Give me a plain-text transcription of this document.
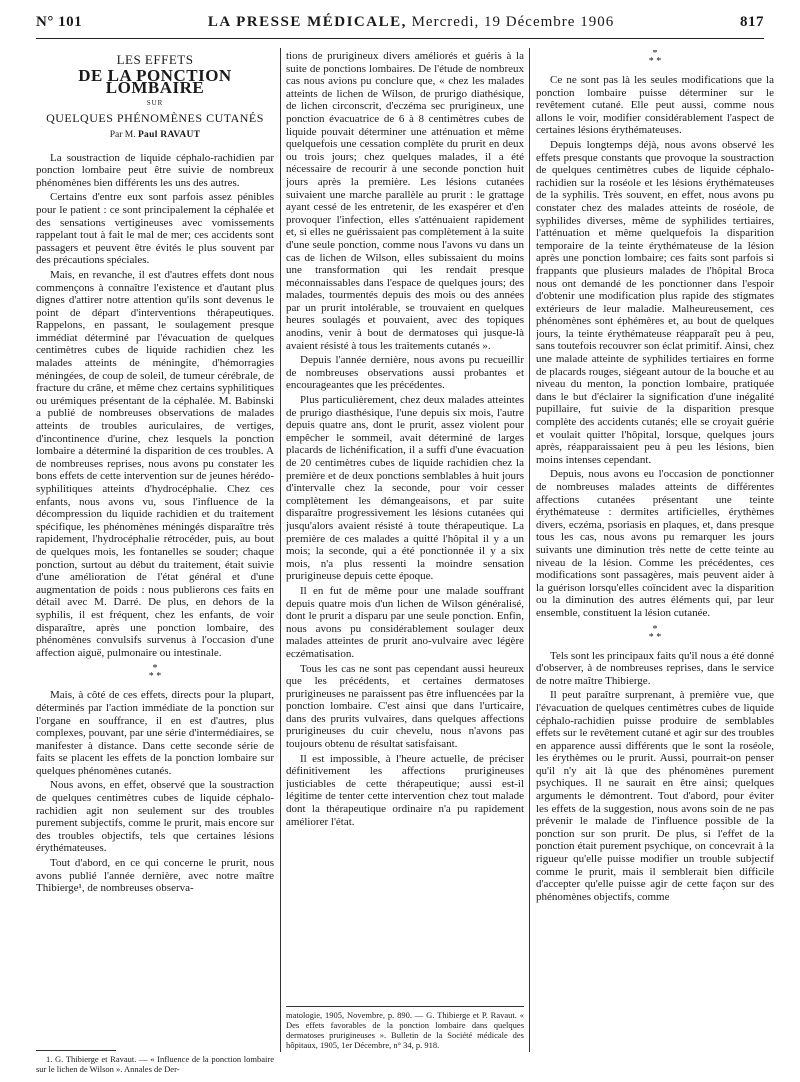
N° 101	LA PRESSE MÉDICALE, Mercredi, 19 Décembre 1906	817
LES EFFETS
DE LA PONCTION LOMBAIRE
SUR
QUELQUES PHÉNOMÈNES CUTANÉS
Par M. Paul RAVAUT

La soustraction de liquide céphalo-rachidien par ponction lombaire peut être suivie de nombreux phénomènes bien différents les uns des autres.

Certains d'entre eux sont parfois assez pénibles pour le patient : ce sont principalement la céphalée et des sensations vertigineuses avec vomissements rappelant tout à fait le mal de mer; ces accidents sont passagers et peuvent être évités le plus souvent par des précautions spéciales.

Mais, en revanche, il est d'autres effets dont nous commençons à connaître l'existence et d'autant plus dignes d'attirer notre attention qu'ils sont devenus le point de départ d'interventions thérapeutiques. Rappelons, en passant, le soulagement presque immédiat déterminé par l'évacuation de quelques centimètres cubes de liquide rachidien chez les malades atteints de méningite, d'hémorragies méningées, de coup de soleil, de tumeur cérébrale, de fracture du crâne, et même chez certains syphilitiques ou urémiques présentant de la céphalée. M. Babinski a publié de nombreuses observations de malades atteints de troubles auriculaires, de vertiges, d'incontinence d'urine, chez lesquels la ponction lombaire a déterminé la disparition de ces troubles. A de nombreuses reprises, nous avons pu constater les bons effets de cette intervention sur de jeunes hérédo-syphilitiques atteints d'hydrocéphalie. Chez ces enfants, nous avons vu, sous l'influence de la décompression du liquide rachidien et du traitement spécifique, les phénomènes méningés disparaître très rapidement, l'hydrocéphalie rétrocéder, puis, au bout de quelques mois, les fontanelles se souder; chaque ponction, surtout au début du traitement, était suivie d'une amélioration de l'état général et d'une augmentation de poids : nous publierons ces faits en détail avec M. Darré. De plus, en dehors de la syphilis, il est fréquent, chez les enfants, de voir disparaître, après une ponction lombaire, des phénomènes convulsifs survenus à l'occasion d'une affection aiguë, pulmonaire ou intestinale.

*
* *

Mais, à côté de ces effets, directs pour la plupart, déterminés par l'action immédiate de la ponction sur l'organe en souffrance, il en est d'autres, plus complexes, pouvant, par une série d'intermédiaires, se manifester à distance. Dans cette seconde série de faits se placent les effets de la ponction lombaire sur quelques phénomènes cutanés.

Nous avons, en effet, observé que la soustraction de quelques centimètres cubes de liquide céphalo-rachidien agit non seulement sur des troubles purement subjectifs, comme le prurit, mais encore sur des troubles objectifs, tels que certaines lésions érythémateuses.

Tout d'abord, en ce qui concerne le prurit, nous avons publié l'année dernière, avec notre maître Thibierge¹, de nombreuses observa-

1. G. Thibierge et Ravaut. — « Influence de la ponction lombaire sur le lichen de Wilson ». Annales de Der-

tions de prurigineux divers améliorés et guéris à la suite de ponctions lombaires. De l'étude de nombreux cas nous avions pu conclure que, « chez les malades atteints de lichen de Wilson, de prurigo diathésique, de lichen circonscrit, d'eczéma sec prurigineux, une ponction évacuatrice de 6 à 8 centimètres cubes de liquide pouvait déterminer une atténuation et même quelquefois une cessation complète du prurit en deux ou trois jours; chez quelques malades, il a été nécessaire de recourir à une seconde ponction huit jours après la première. Les lésions cutanées suivaient une marche parallèle au prurit : le grattage ayant cessé de les entretenir, de les exaspérer et d'en provoquer l'infection, elles s'atténuaient rapidement et, si elles ne guérissaient pas complètement à la suite d'une seule ponction, comme nous l'avons vu dans un cas de lichen de Wilson, elles subissaient du moins une transformation qui les rendait presque méconnaissables dans l'espace de quelques jours; des malades, tourmentés depuis des mois ou des années par un prurit intolérable, se trouvaient en quelques heures soulagés et pouvaient, avec des topiques anodins, venir à bout de dermatoses qui jusque-là avaient résisté à tous les traitements cutanés ».

Depuis l'année dernière, nous avons pu recueillir de nombreuses observations aussi probantes et encourageantes que les précédentes.

Plus particulièrement, chez deux malades atteintes de prurigo diasthésique, l'une depuis six mois, l'autre depuis quatre ans, dont le prurit, assez violent pour empêcher le sommeil, avait déterminé de larges placards de lichénification, il a suffi d'une évacuation de 20 centimètres cubes de liquide rachidien chez la première et de deux ponctions semblables à huit jours d'intervalle chez la seconde, pour voir cesser complètement les démangeaisons, et par suite disparaître progressivement les lésions cutanées qui jusqu'alors avaient résisté à toute thérapeutique. La première de ces malades a quitté l'hôpital il y a un mois; la seconde, qui a été ponctionnée il y a six mois, n'a plus ressenti la moindre sensation prurigineuse depuis cette époque.

Il en fut de même pour une malade souffrant depuis quatre mois d'un lichen de Wilson généralisé, dont le prurit a disparu par une seule ponction. Enfin, nous avons pu considérablement soulager deux malades atteintes de prurit ano-vulvaire avec légère eczématisation.

Tous les cas ne sont pas cependant aussi heureux que les précédents, et certaines dermatoses prurigineuses ne paraissent pas être influencées par la ponction lombaire. C'est ainsi que dans l'urticaire, dans des prurits vulvaires, dans quelques affections prurigineuses du cuir chevelu, nous n'avons pas toujours obtenu de résultat satisfaisant.

Il est impossible, à l'heure actuelle, de préciser définitivement les affections prurigineuses justiciables de cette thérapeutique; aussi est-il légitime de tenter cette intervention chez tout malade dont la thérapeutique ordinaire n'a pu rapidement améliorer l'état.

matologie, 1905, Novembre, p. 890. — G. Thibierge et P. Ravaut. « Des effets favorables de la ponction lombaire dans quelques dermatoses prurigineuses ». Bulletin de la Société médicale des hôpitaux, 1905, 1er Décembre, n° 34, p. 918.

*
* *

Ce ne sont pas là les seules modifications que la ponction lombaire puisse déterminer sur le revêtement cutané. Elle peut aussi, comme nous allons le voir, modifier considérablement l'aspect de certaines lésions érythémateuses.

Depuis longtemps déjà, nous avons observé les effets presque constants que provoque la soustraction de quelques centimètres cubes de liquide céphalo-rachidien sur la roséole et les lésions érythémateuses de la syphilis. Très souvent, en effet, nous avons pu constater chez des malades atteints de roséole, de syphilides diverses, même de syphilides tertiaires, l'atténuation et même quelquefois la disparition temporaire de la teinte érythémateuse de la lésion après une ponction lombaire; ces faits sont parfois si frappants que plusieurs malades de l'hôpital Broca nous ont demandé de les ponctionner dans l'espoir d'obtenir une modification plus rapide des stigmates extérieurs de leur maladie. Malheureusement, ces phénomènes sont éphémères et, au bout de quelques jours, la teinte érythémateuse réapparaît peu à peu, sans toutefois recouvrer son éclat primitif. Ainsi, chez une malade atteinte de syphilides tertiaires en forme de placards rouges, siégeant autour de la bouche et au niveau du menton, la ponction lombaire, pratiquée dans le but d'éclairer la signification d'une inégalité pupillaire, fut suivie de la disparition presque complète des accidents cutanés; elle se croyait guérie et voulait quitter l'hôpital, lorsque, quelques jours après, réapparaissaient peu à peu les lésions, bien moins intenses cependant.

Depuis, nous avons eu l'occasion de ponctionner de nombreuses malades atteints de différentes affections cutanées présentant une teinte érythémateuse : dermites artificielles, érythèmes divers, eczéma, psoriasis en plaques, et, dans presque tous les cas, nous avons pu remarquer les jours suivants une diminution très nette de cette teinte au niveau de la lésion. Comme les précédentes, ces modifications sont passagères, mais peuvent aider à la guérison lorsqu'elles coïncident avec la disparition ou la diminution des autres éléments qui, par leur ensemble, constituent la lésion cutanée.

*
* *

Tels sont les principaux faits qu'il nous a été donné d'observer, à de nombreuses reprises, dans le service de notre maître Thibierge.

Il peut paraître surprenant, à première vue, que l'évacuation de quelques centimètres cubes de liquide céphalo-rachidien puisse produire de semblables effets sur le revêtement cutané et agir sur des troubles en apparence aussi différents que le sont la roséole, les érythèmes ou le prurit. Aussi, pourrait-on penser qu'il n'y ait là que des phénomènes purement psychiques. Il ne saurait en être ainsi; quelques arguments le démontrent. Tout d'abord, pour éviter les effets de la suggestion, nous avons soin de ne pas prévenir le malade de l'influence possible de la ponction sur son prurit. De plus, si l'effet de la ponction était purement psychique, on concevrait à la rigueur qu'elle puisse modifier un trouble subjectif comme le prurit, mais il semblerait bien difficile d'accepter qu'elle puisse agir de cette façon sur des phénomènes objectifs, comme
